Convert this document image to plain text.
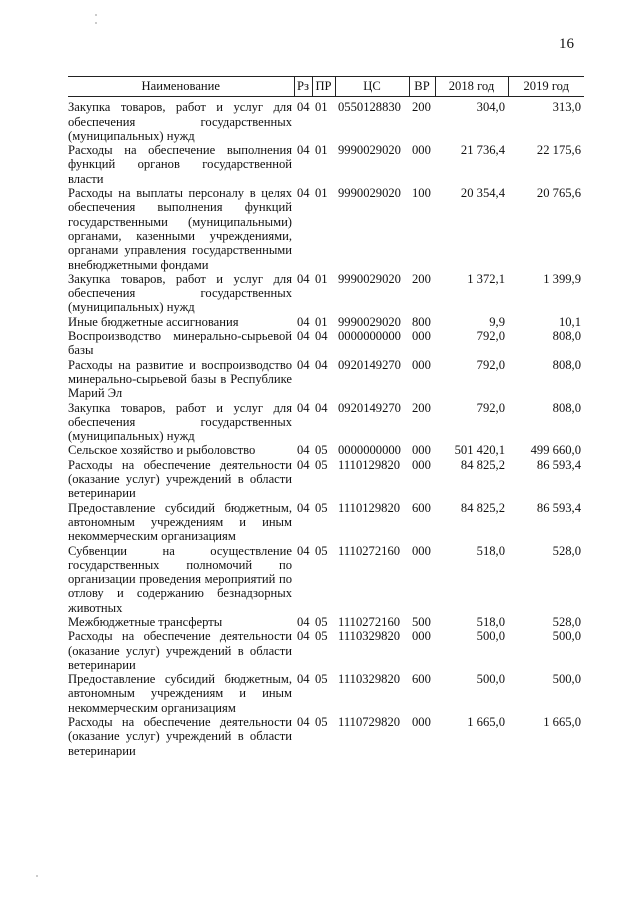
16
Наименование	Рз	ПР	ЦС	ВР	2018 год	2019 год
Закупка товаров, работ и услуг для обеспечения государственных (муниципальных) нужд	04	01	0550128830	200	304,0	313,0
Расходы на обеспечение выполнения функций органов государственной власти	04	01	9990029020	000	21 736,4	22 175,6
Расходы на выплаты персоналу в целях обеспечения выполнения функций государственными (муниципальными) органами, казенными учреждениями, органами управления государственными внебюджетными фондами	04	01	9990029020	100	20 354,4	20 765,6
Закупка товаров, работ и услуг для обеспечения государственных (муниципальных) нужд	04	01	9990029020	200	1 372,1	1 399,9
Иные бюджетные ассигнования	04	01	9990029020	800	9,9	10,1
Воспроизводство минерально-сырьевой базы	04	04	0000000000	000	792,0	808,0
Расходы на развитие и воспроизводство минерально-сырьевой базы в Республике Марий Эл	04	04	0920149270	000	792,0	808,0
Закупка товаров, работ и услуг для обеспечения государственных (муниципальных) нужд	04	04	0920149270	200	792,0	808,0
Сельское хозяйство и рыболовство	04	05	0000000000	000	501 420,1	499 660,0
Расходы на обеспечение деятельности (оказание услуг) учреждений в области ветеринарии	04	05	1110129820	000	84 825,2	86 593,4
Предоставление субсидий бюджетным, автономным учреждениям и иным некоммерческим организациям	04	05	1110129820	600	84 825,2	86 593,4
Субвенции на осуществление государственных полномочий по организации проведения мероприятий по отлову и содержанию безнадзорных животных	04	05	1110272160	000	518,0	528,0
Межбюджетные трансферты	04	05	1110272160	500	518,0	528,0
Расходы на обеспечение деятельности (оказание услуг) учреждений в области ветеринарии	04	05	1110329820	000	500,0	500,0
Предоставление субсидий бюджетным, автономным учреждениям и иным некоммерческим организациям	04	05	1110329820	600	500,0	500,0
Расходы на обеспечение деятельности (оказание услуг) учреждений в области ветеринарии	04	05	1110729820	000	1 665,0	1 665,0
